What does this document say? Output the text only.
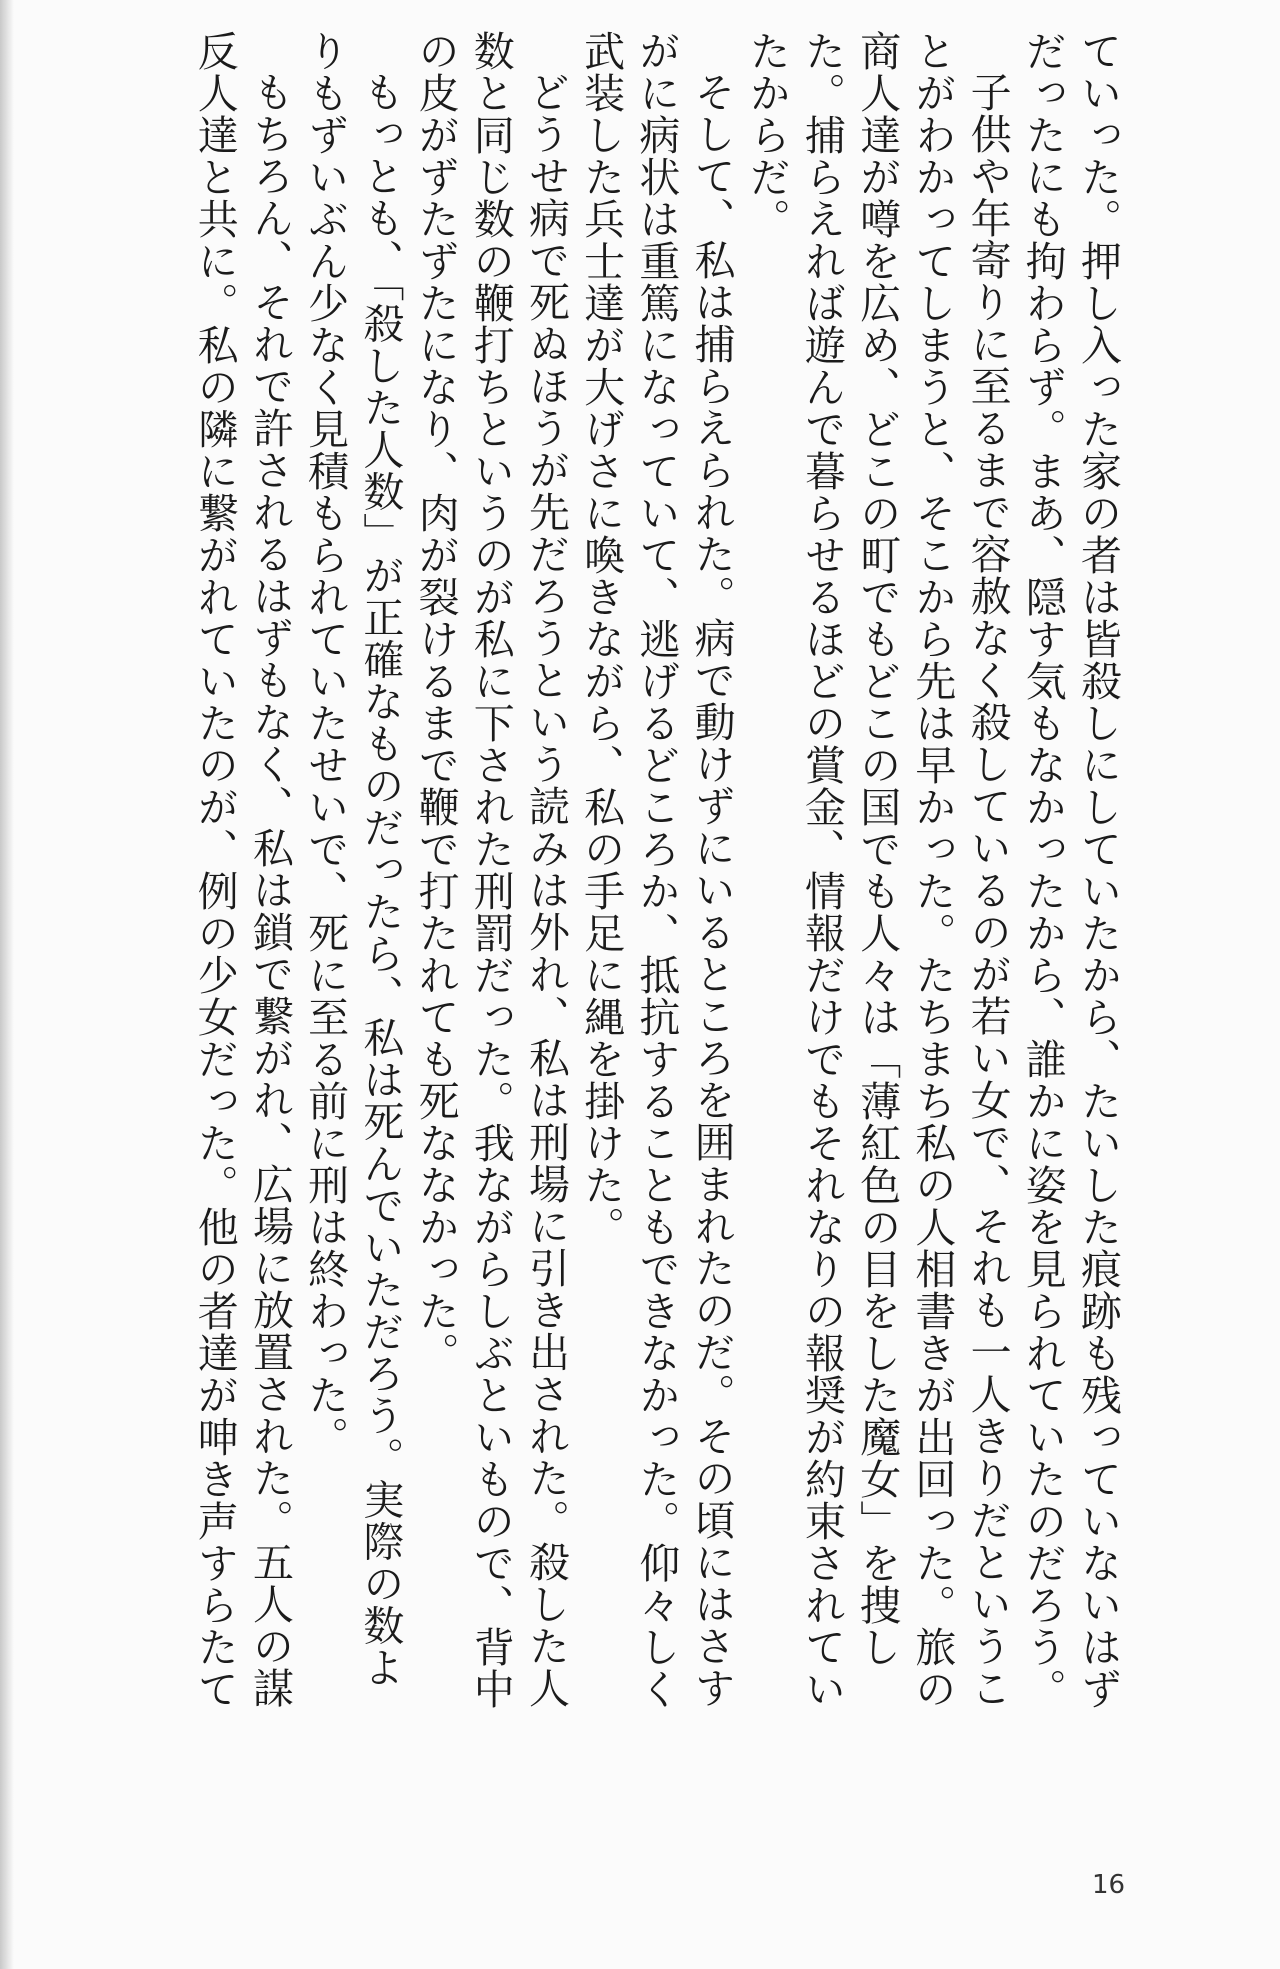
ていった。押し入った家の者は皆殺しにしていたから、たいした痕跡も残っていないはず
だったにも拘わらず。まあ、隠す気もなかったから、誰かに姿を見られていたのだろう。
子供や年寄りに至るまで容赦なく殺しているのが若い女で、それも一人きりだというこ
とがわかってしまうと、そこから先は早かった。たちまち私の人相書きが出回った。旅の
商人達が噂を広め、どこの町でもどこの国でも人々は「薄紅色の目をした魔女」を捜し
た。捕らえれば遊んで暮らせるほどの賞金、情報だけでもそれなりの報奨が約束されてい
たからだ。
そして、私は捕らえられた。病で動けずにいるところを囲まれたのだ。その頃にはさす
がに病状は重篤になっていて、逃げるどころか、抵抗することもできなかった。仰々しく
武装した兵士達が大げさに喚きながら、私の手足に縄を掛けた。
どうせ病で死ぬほうが先だろうという読みは外れ、私は刑場に引き出された。殺した人
数と同じ数の鞭打ちというのが私に下された刑罰だった。我ながらしぶといもので、背中
の皮がずたずたになり、肉が裂けるまで鞭で打たれても死ななかった。
もっとも、「殺した人数」が正確なものだったら、私は死んでいただろう。実際の数よ
りもずいぶん少なく見積もられていたせいで、死に至る前に刑は終わった。
もちろん、それで許されるはずもなく、私は鎖で繋がれ、広場に放置された。五人の謀
反人達と共に。私の隣に繋がれていたのが、例の少女だった。他の者達が呻き声すらたて
16
